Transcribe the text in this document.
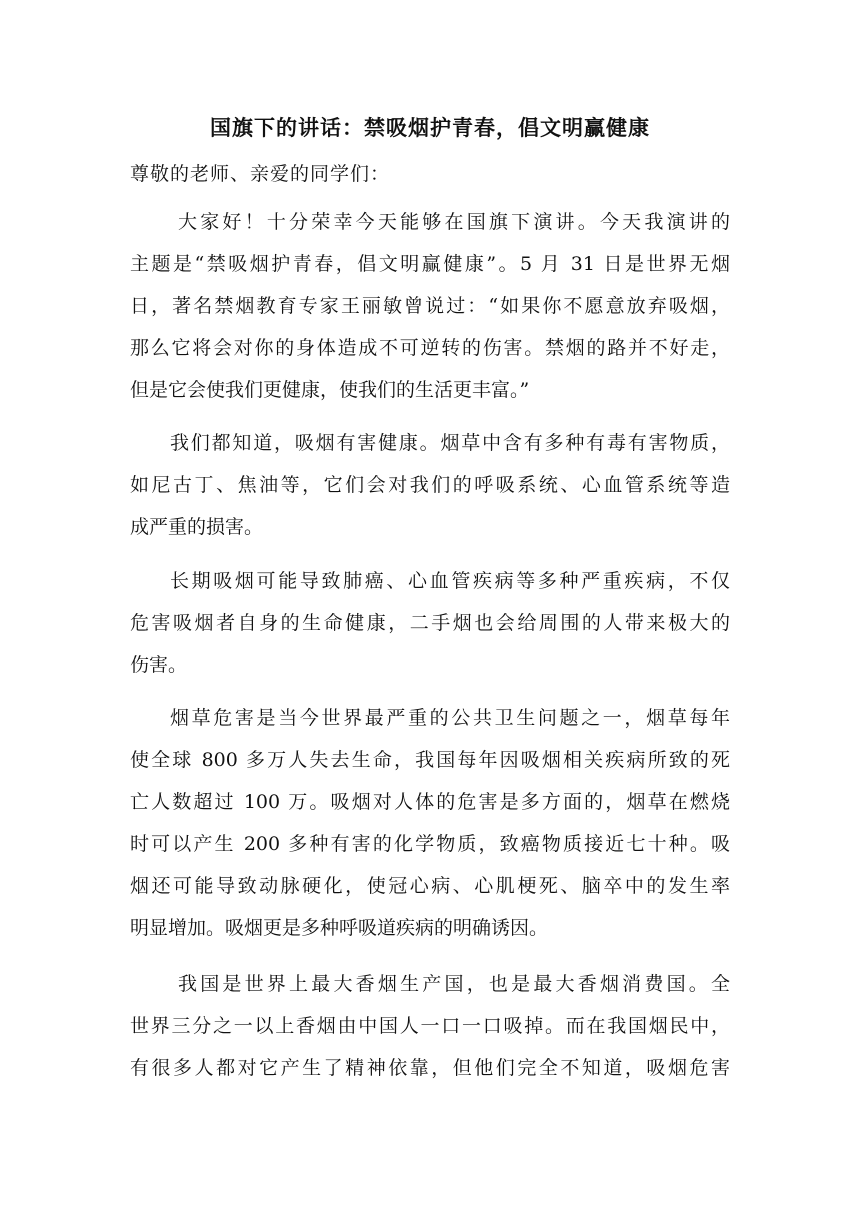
国旗下的讲话：禁吸烟护青春，倡文明赢健康
尊敬的老师、亲爱的同学们：
大家好！十分荣幸今天能够在国旗下演讲。今天我演讲的
主题是“禁吸烟护青春，倡文明赢健康”。5 月 31 日是世界无烟
日，著名禁烟教育专家王丽敏曾说过：“如果你不愿意放弃吸烟，
那么它将会对你的身体造成不可逆转的伤害。禁烟的路并不好走，
但是它会使我们更健康，使我们的生活更丰富。”
我们都知道，吸烟有害健康。烟草中含有多种有毒有害物质，
如尼古丁、焦油等，它们会对我们的呼吸系统、心血管系统等造
成严重的损害。
长期吸烟可能导致肺癌、心血管疾病等多种严重疾病，不仅
危害吸烟者自身的生命健康，二手烟也会给周围的人带来极大的
伤害。
烟草危害是当今世界最严重的公共卫生问题之一，烟草每年
使全球 800 多万人失去生命，我国每年因吸烟相关疾病所致的死
亡人数超过 100 万。吸烟对人体的危害是多方面的，烟草在燃烧
时可以产生 200 多种有害的化学物质，致癌物质接近七十种。吸
烟还可能导致动脉硬化，使冠心病、心肌梗死、脑卒中的发生率
明显增加。吸烟更是多种呼吸道疾病的明确诱因。
我国是世界上最大香烟生产国，也是最大香烟消费国。全
世界三分之一以上香烟由中国人一口一口吸掉。而在我国烟民中，
有很多人都对它产生了精神依靠，但他们完全不知道，吸烟危害
